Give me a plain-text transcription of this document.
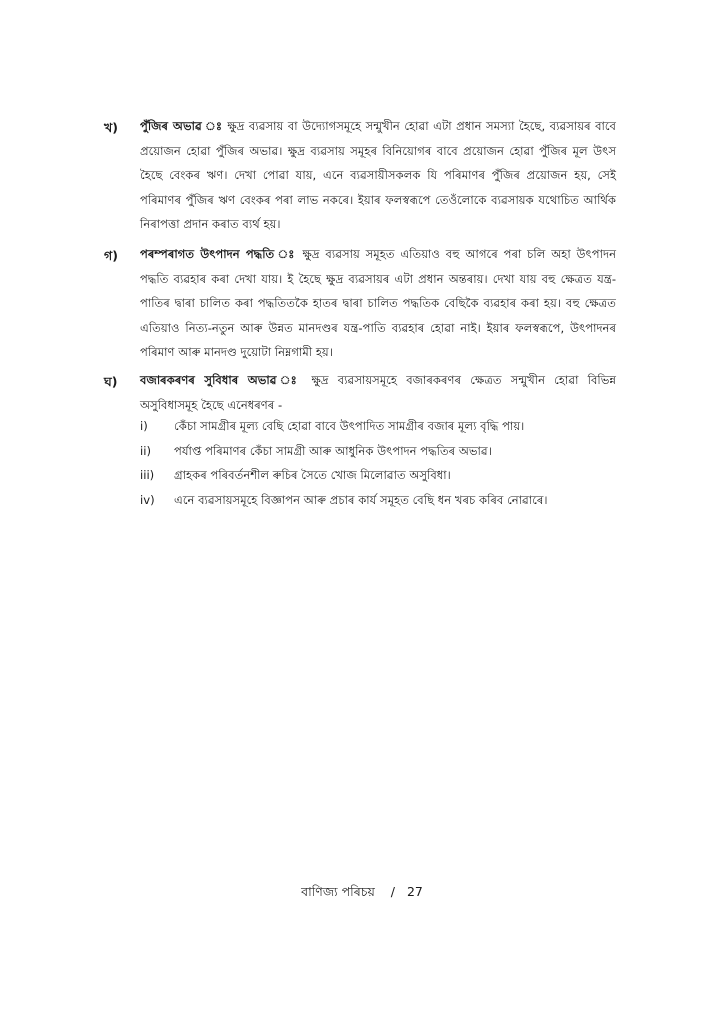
খ) পুঁজিৰ অভাৱ ঃ ক্ষুদ্ৰ ব্যৱসায় বা উদ্যোগসমূহে সন্মুখীন হোৱা এটা প্ৰধান সমস্যা হৈছে, ব্যৱসায়ৰ বাবে প্ৰয়োজন হোৱা পুঁজিৰ অভাৱ। ক্ষুদ্ৰ ব্যৱসায় সমূহৰ বিনিয়োগৰ বাবে প্ৰয়োজন হোৱা পুঁজিৰ মূল উৎস হৈছে বেংকৰ ঋণ। দেখা পোৱা যায়, এনে ব্যৱসায়ীসকলক যি পৰিমাণৰ পুঁজিৰ প্ৰয়োজন হয়, সেই পৰিমাণৰ পুঁজিৰ ঋণ বেংকৰ পৰা লাভ নকৰে। ইয়াৰ ফলস্বৰূপে তেওঁলোকে ব্যৱসায়ক যথোচিত আৰ্থিক নিৰাপত্তা প্ৰদান কৰাত ব্যৰ্থ হয়।
গ) পৰম্পৰাগত উৎপাদন পদ্ধতি ঃ ক্ষুদ্ৰ ব্যৱসায় সমূহত এতিয়াও বহু আগৰে পৰা চলি অহা উৎপাদন পদ্ধতি ব্যৱহাৰ কৰা দেখা যায়। ই হৈছে ক্ষুদ্ৰ ব্যৱসায়ৰ এটা প্ৰধান অন্তৰায়। দেখা যায় বহু ক্ষেত্ৰত যন্ত্ৰ-পাতিৰ দ্বাৰা চালিত কৰা পদ্ধতিতকৈ হাতৰ দ্বাৰা চালিত পদ্ধতিক বেছিকৈ ব্যৱহাৰ কৰা হয়। বহু ক্ষেত্ৰত এতিয়াও নিত্য-নতুন আৰু উন্নত মানদণ্ডৰ যন্ত্ৰ-পাতি ব্যৱহাৰ হোৱা নাই। ইয়াৰ ফলস্বৰূপে, উৎপাদনৰ পৰিমাণ আৰু মানদণ্ড দুয়োটা নিম্নগামী হয়।
ঘ) বজাৰকৰণৰ সুবিধাৰ অভাৱ ঃ ক্ষুদ্ৰ ব্যৱসায়সমূহে বজাৰকৰণৰ ক্ষেত্ৰত সন্মুখীন হোৱা বিভিন্ন অসুবিধাসমূহ হৈছে এনেধৰণৰ -
i) কেঁচা সামগ্ৰীৰ মূল্য বেছি হোৱা বাবে উৎপাদিত সামগ্ৰীৰ বজাৰ মূল্য বৃদ্ধি পায়।
ii) পৰ্যাপ্ত পৰিমাণৰ কেঁচা সামগ্ৰী আৰু আধুনিক উৎপাদন পদ্ধতিৰ অভাৱ।
iii) গ্ৰাহকৰ পৰিবৰ্তনশীল ৰুচিৰ সৈতে খোজ মিলোৱাত অসুবিধা।
iv) এনে ব্যৱসায়সমূহে বিজ্ঞাপন আৰু প্ৰচাৰ কাৰ্য সমূহত বেছি ধন খৰচ কৰিব নোৱাৰে।
বাণিজ্য পৰিচয় / 27
